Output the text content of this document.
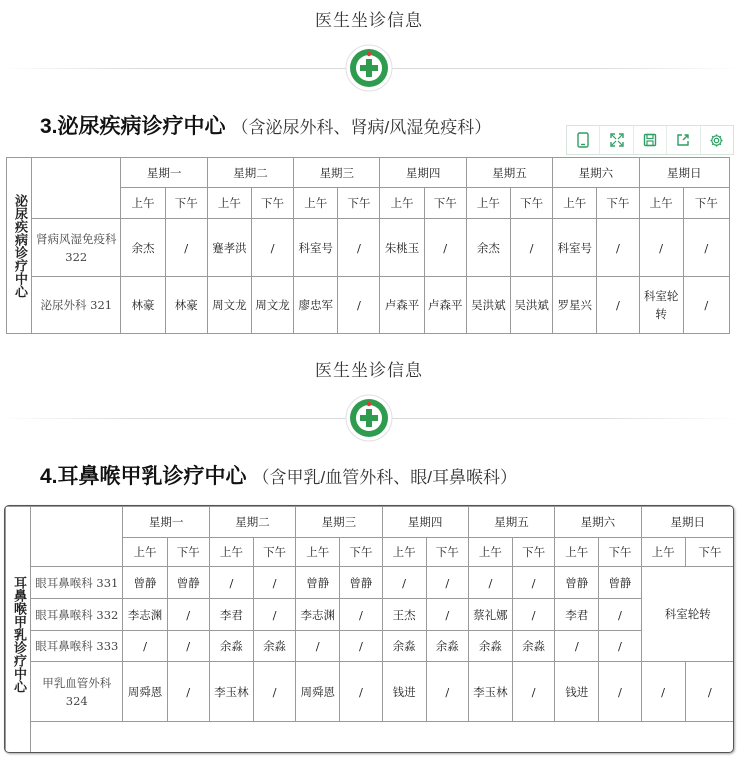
医生坐诊信息
3.泌尿疾病诊疗中心 （含泌尿外科、肾病/风湿免疫科）
泌尿疾病诊疗中心		星期一		星期二		星期三		星期四		星期五		星期六		星期日	
		上午	下午	上午	下午	上午	下午	上午	下午	上午	下午	上午	下午	上午	下午
	肾病风湿免疫科322	余杰	/	蹇孝洪	/	科室号	/	朱桃玉	/	余杰	/	科室号	/	/	/
	泌尿外科 321	林豪	林豪	周文龙	周文龙	廖忠军	/	卢森平	卢森平	吴洪斌	吴洪斌	罗星兴	/	科室轮转	/
医生坐诊信息
4.耳鼻喉甲乳诊疗中心 （含甲乳/血管外科、眼/耳鼻喉科）
耳鼻喉甲乳诊疗中心		星期一		星期二		星期三		星期四		星期五		星期六		星期日	
		上午	下午	上午	下午	上午	下午	上午	下午	上午	下午	上午	下午	上午	下午
	眼耳鼻喉科 331	曾静	曾静	/	/	曾静	曾静	/	/	/	/	曾静	曾静	科室轮转	
	眼耳鼻喉科 332	李志渊	/	李君	/	李志渊	/	王杰	/	蔡礼娜	/	李君	/		
	眼耳鼻喉科 333	/	/	余淼	余淼	/	/	余淼	余淼	余淼	余淼	/	/		
	甲乳血管外科 324	周舜恩	/	李玉林	/	周舜恩	/	钱进	/	李玉林	/	钱进	/	/	/
